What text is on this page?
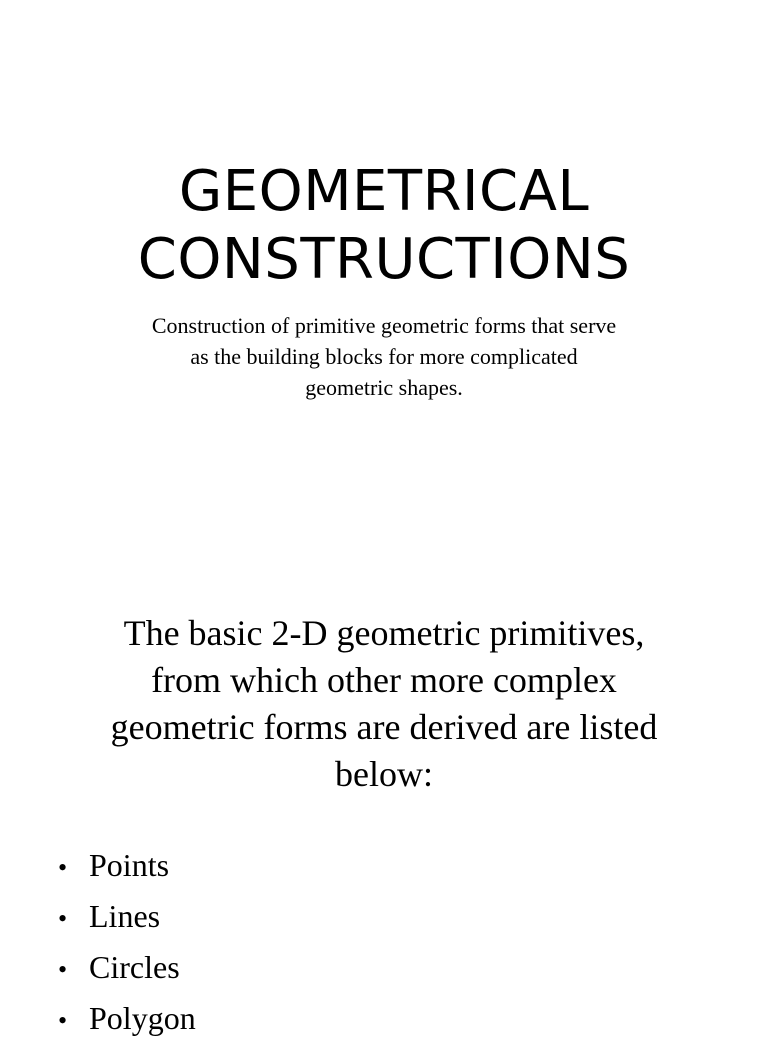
GEOMETRICAL
CONSTRUCTIONS

Construction of primitive geometric forms that serve
as the building blocks for more complicated
geometric shapes.

The basic 2-D geometric primitives,
from which other more complex
geometric forms are derived are listed
below:

• Points
• Lines
• Circles
• Polygon
